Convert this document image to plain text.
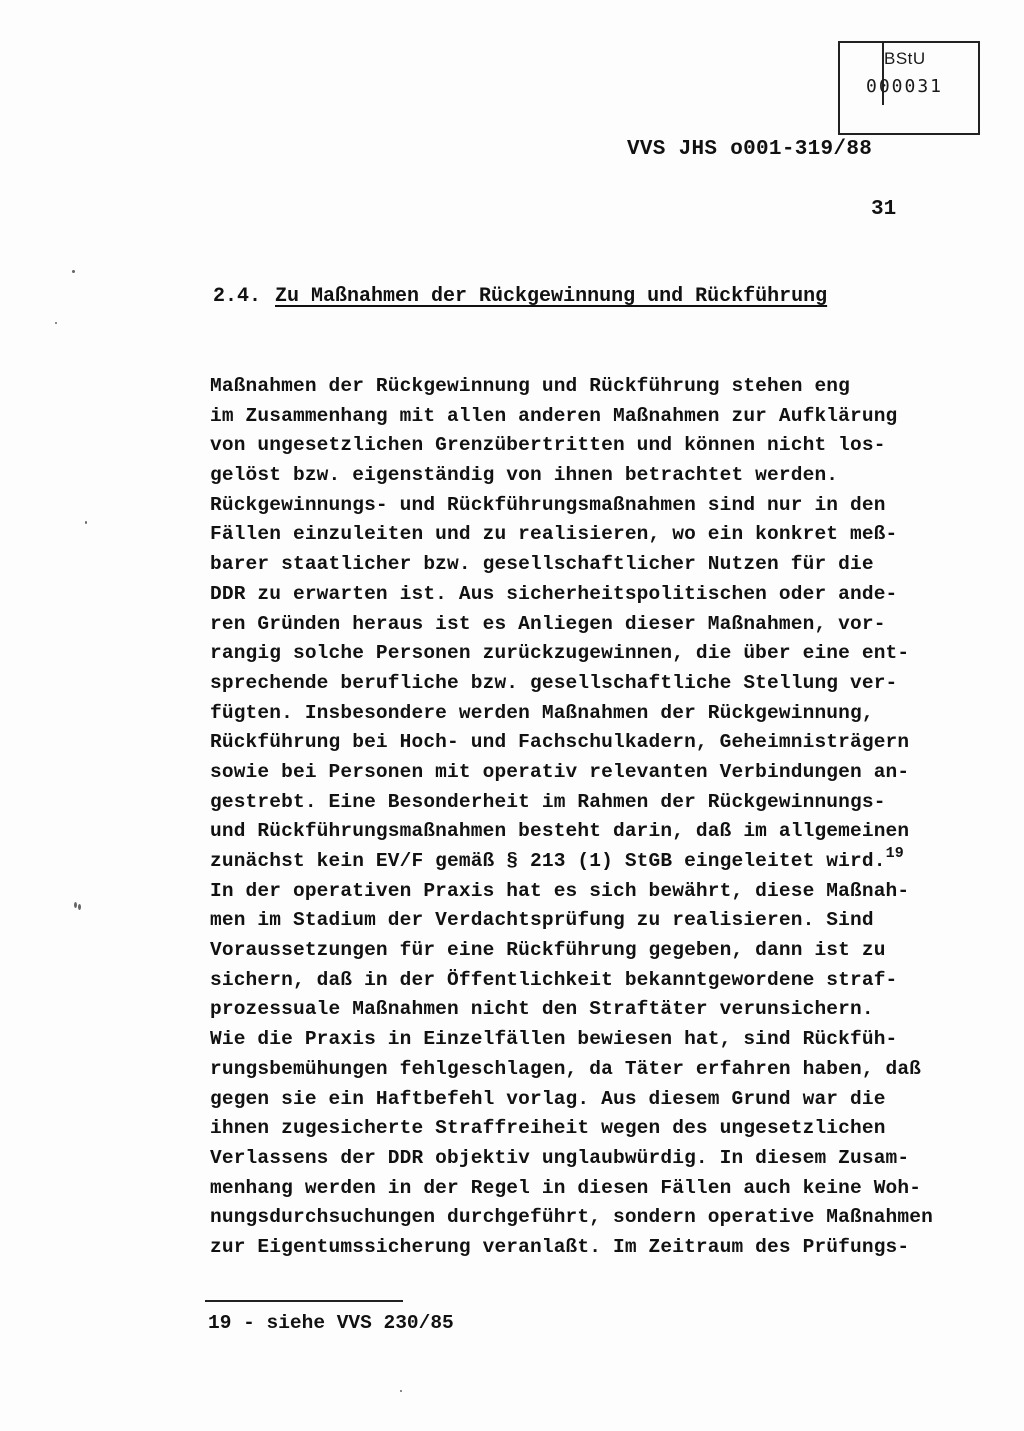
BStU
000031
VVS JHS o001-319/88
31
2.4. Zu Maßnahmen der Rückgewinnung und Rückführung
Maßnahmen der Rückgewinnung und Rückführung stehen eng
im Zusammenhang mit allen anderen Maßnahmen zur Aufklärung
von ungesetzlichen Grenzübertritten und können nicht los-
gelöst bzw. eigenständig von ihnen betrachtet werden.
Rückgewinnungs- und Rückführungsmaßnahmen sind nur in den
Fällen einzuleiten und zu realisieren, wo ein konkret meß-
barer staatlicher bzw. gesellschaftlicher Nutzen für die
DDR zu erwarten ist. Aus sicherheitspolitischen oder ande-
ren Gründen heraus ist es Anliegen dieser Maßnahmen, vor-
rangig solche Personen zurückzugewinnen, die über eine ent-
sprechende berufliche bzw. gesellschaftliche Stellung ver-
fügten. Insbesondere werden Maßnahmen der Rückgewinnung,
Rückführung bei Hoch- und Fachschulkadern, Geheimnisträgern
sowie bei Personen mit operativ relevanten Verbindungen an-
gestrebt. Eine Besonderheit im Rahmen der Rückgewinnungs-
und Rückführungsmaßnahmen besteht darin, daß im allgemeinen
zunächst kein EV/F gemäß § 213 (1) StGB eingeleitet wird.$^{19}$
In der operativen Praxis hat es sich bewährt, diese Maßnah-
men im Stadium der Verdachtsprüfung zu realisieren. Sind
Voraussetzungen für eine Rückführung gegeben, dann ist zu
sichern, daß in der Öffentlichkeit bekanntgewordene straf-
prozessuale Maßnahmen nicht den Straftäter verunsichern.
Wie die Praxis in Einzelfällen bewiesen hat, sind Rückfüh-
rungsbemühungen fehlgeschlagen, da Täter erfahren haben, daß
gegen sie ein Haftbefehl vorlag. Aus diesem Grund war die
ihnen zugesicherte Straffreiheit wegen des ungesetzlichen
Verlassens der DDR objektiv unglaubwürdig. In diesem Zusam-
menhang werden in der Regel in diesen Fällen auch keine Woh-
nungsdurchsuchungen durchgeführt, sondern operative Maßnahmen
zur Eigentumssicherung veranlaßt. Im Zeitraum des Prüfungs-
19 - siehe VVS 230/85
